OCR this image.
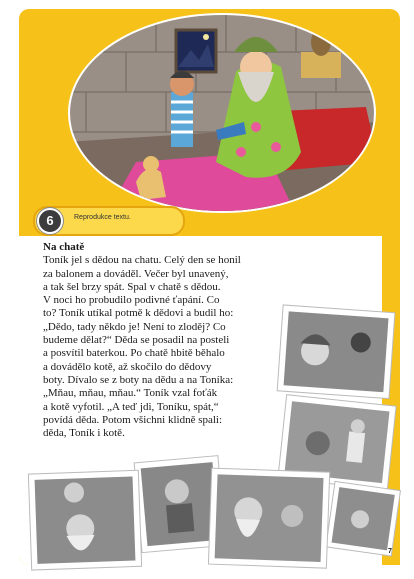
6	Reprodukce textu.
Na chatě

Toník jel s dědou na chatu. Celý den se honil

za balonem a dováděl. Večer byl unavený,

a tak šel brzy spát. Spal v chatě s dědou.

V noci ho probudilo podivné ťapání. Co

to? Toník utíkal potmě k dědovi a budil ho:

„Dědo, tady někdo je! Není to zloděj? Co

budeme dělat?“ Děda se posadil na posteli

a posvítil baterkou. Po chatě hbitě běhalo

a dovádělo kotě, až skočilo do dědovy

boty. Dívalo se z boty na dědu a na Toníka:

„Mňau, mňau, mňau.“ Toník vzal foťák

a kotě vyfotil. „A teď jdi, Toníku, spát,“

povídá děda. Potom všichni klidně spali:

děda, Toník i kotě.

7
